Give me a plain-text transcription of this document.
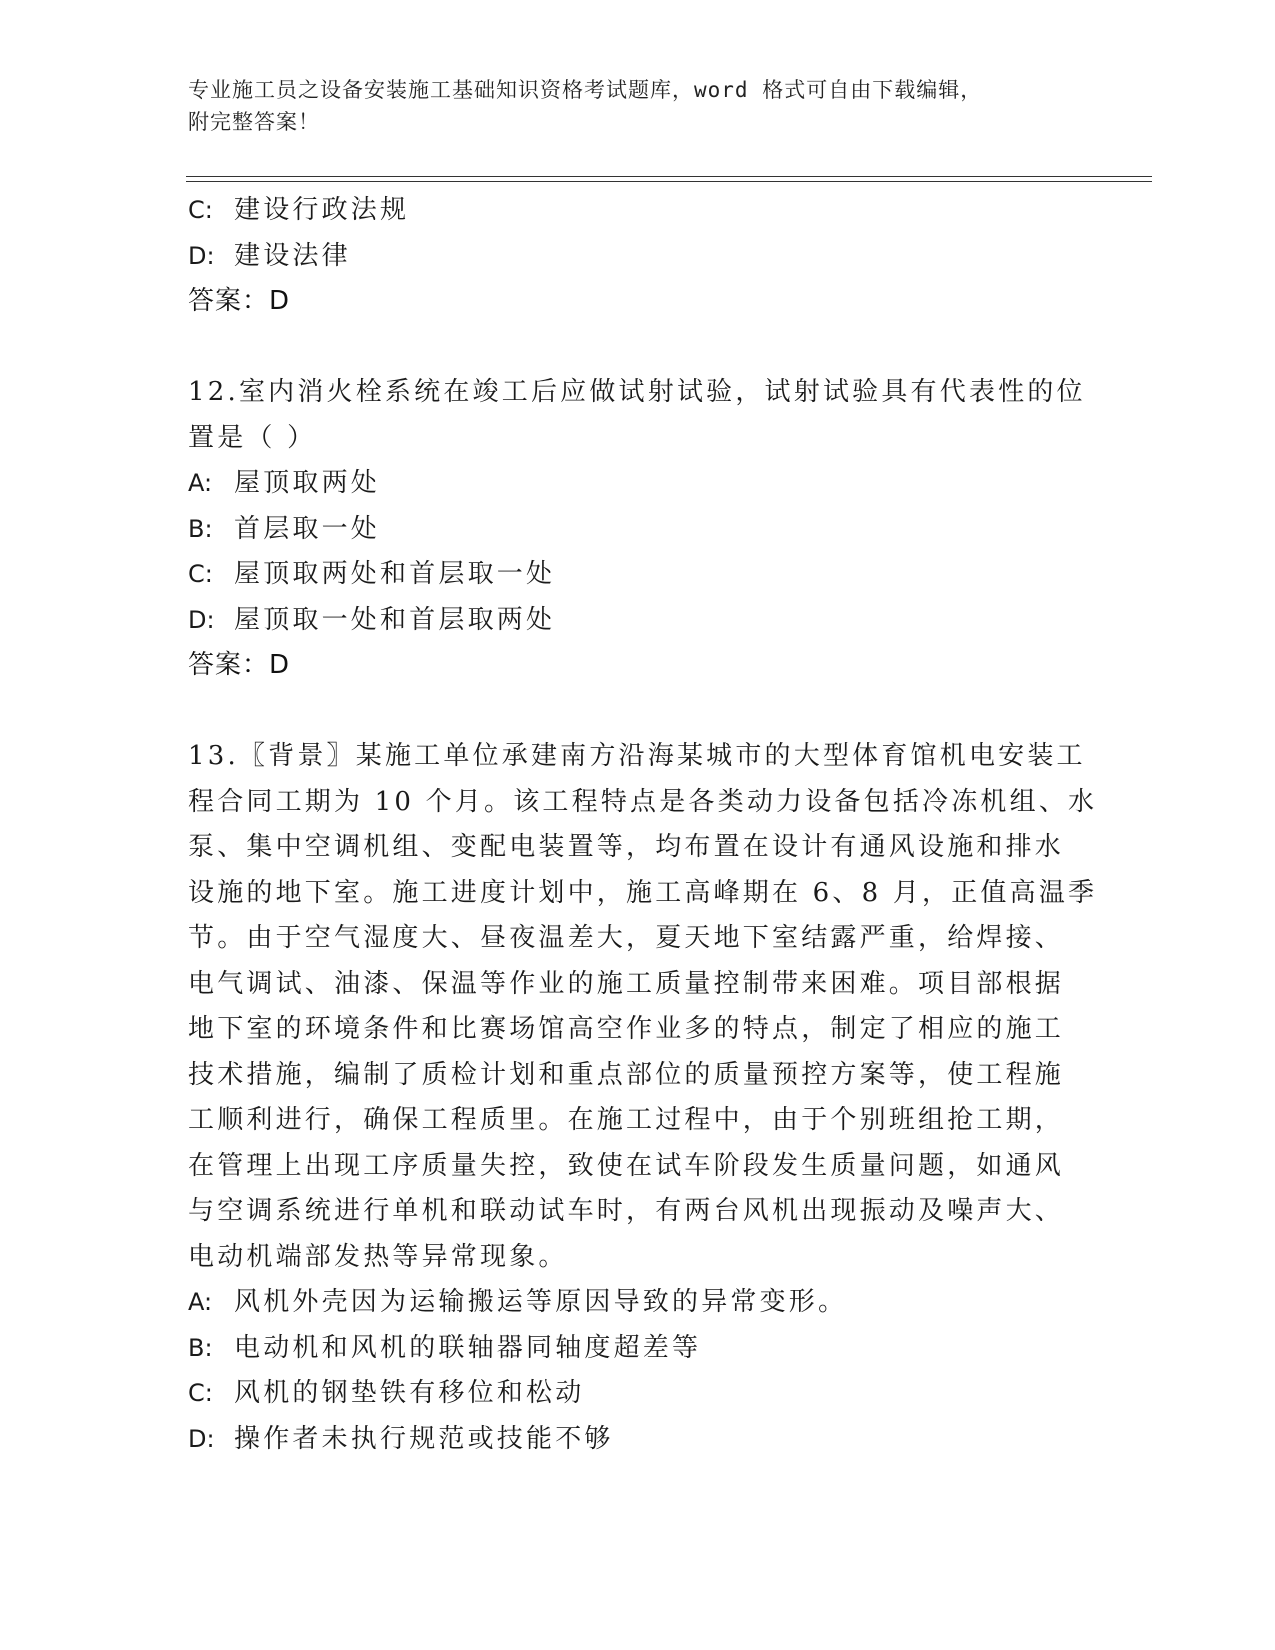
专业施工员之设备安装施工基础知识资格考试题库，word 格式可自由下载编辑，
附完整答案！
C: 建设行政法规
D: 建设法律
答案：D
12.室内消火栓系统在竣工后应做试射试验，试射试验具有代表性的位
置是（ ）
A: 屋顶取两处
B: 首层取一处
C: 屋顶取两处和首层取一处
D: 屋顶取一处和首层取两处
答案：D
13.〖背景〗某施工单位承建南方沿海某城市的大型体育馆机电安装工
程合同工期为 10 个月。该工程特点是各类动力设备包括冷冻机组、水
泵、集中空调机组、变配电装置等，均布置在设计有通风设施和排水
设施的地下室。施工进度计划中，施工高峰期在 6、8 月，正值高温季
节。由于空气湿度大、昼夜温差大，夏天地下室结露严重，给焊接、
电气调试、油漆、保温等作业的施工质量控制带来困难。项目部根据
地下室的环境条件和比赛场馆高空作业多的特点，制定了相应的施工
技术措施，编制了质检计划和重点部位的质量预控方案等，使工程施
工顺利进行，确保工程质里。在施工过程中，由于个别班组抢工期，
在管理上出现工序质量失控，致使在试车阶段发生质量问题，如通风
与空调系统进行单机和联动试车时，有两台风机出现振动及噪声大、
电动机端部发热等异常现象。
A: 风机外壳因为运输搬运等原因导致的异常变形。
B: 电动机和风机的联轴器同轴度超差等
C: 风机的钢垫铁有移位和松动
D: 操作者未执行规范或技能不够
